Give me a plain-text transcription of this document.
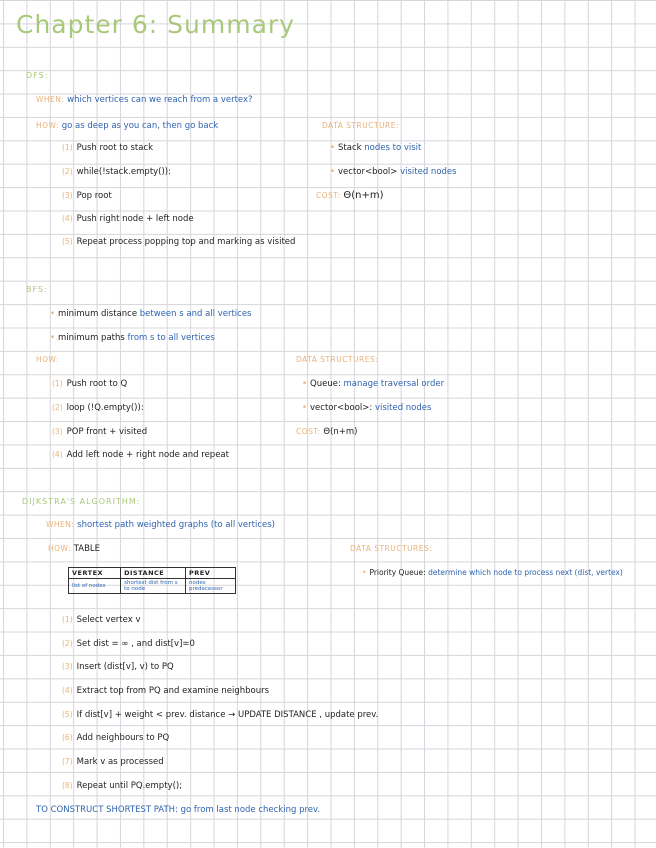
Chapter 6: Summary
DFS:
WHEN: which vertices can we reach from a vertex?
HOW: go as deep as you can, then go back
(1) Push root to stack
(2) while(!stack.empty()):
(3) Pop root
(4) Push right node + left node
(5) Repeat process popping top and marking as visited
DATA STRUCTURE:
• Stack nodes to visit
• vector<bool> visited nodes
COST: Θ(n+m)
BFS:
• minimum distance between s and all vertices
• minimum paths from s to all vertices
HOW:
(1) Push root to Q
(2) loop (!Q.empty()):
(3) POP front + visited
(4) Add left node + right node and repeat
DATA STRUCTURES:
• Queue: manage traversal order
• vector<bool>: visited nodes
COST: Θ(n+m)
DIJKSTRA'S ALGORITHM:
WHEN: shortest path weighted graphs (to all vertices)
HOW: TABLE
VERTEX	DISTANCE	PREV
list of nodes	shortest dist from s to node	nodes predecessor
DATA STRUCTURES:
• Priority Queue: determine which node to process next (dist, vertex)
(1) Select vertex v
(2) Set dist = ∞ , and dist[v]=0
(3) Insert (dist[v], v) to PQ
(4) Extract top from PQ and examine neighbours
(5) If dist[v] + weight < prev. distance → UPDATE DISTANCE , update prev.
(6) Add neighbours to PQ
(7) Mark v as processed
(8) Repeat until PQ.empty();
TO CONSTRUCT SHORTEST PATH: go from last node checking prev.
